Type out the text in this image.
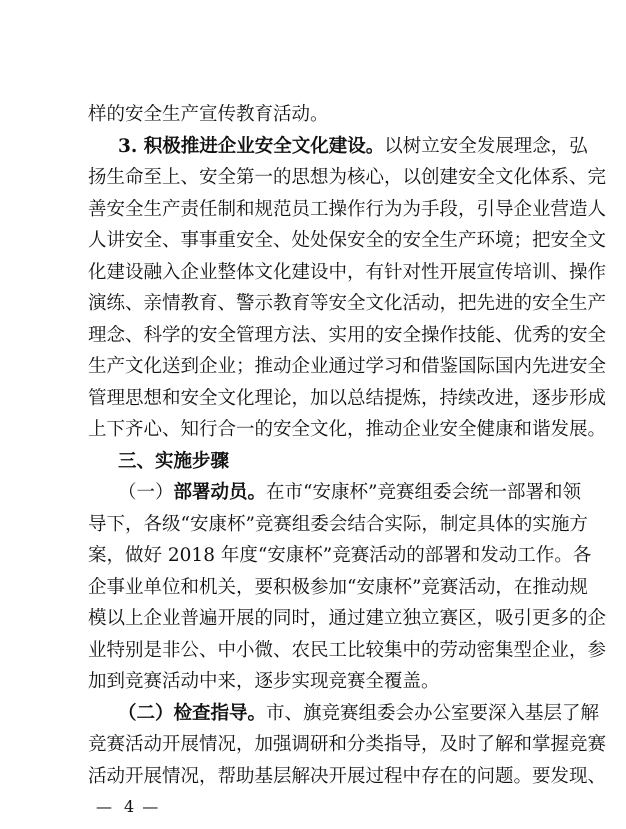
样的安全生产宣传教育活动。
3. 积极推进企业安全文化建设。以树立安全发展理念，弘
扬生命至上、安全第一的思想为核心，以创建安全文化体系、完
善安全生产责任制和规范员工操作行为为手段，引导企业营造人
人讲安全、事事重安全、处处保安全的安全生产环境；把安全文
化建设融入企业整体文化建设中，有针对性开展宣传培训、操作
演练、亲情教育、警示教育等安全文化活动，把先进的安全生产
理念、科学的安全管理方法、实用的安全操作技能、优秀的安全
生产文化送到企业；推动企业通过学习和借鉴国际国内先进安全
管理思想和安全文化理论，加以总结提炼，持续改进，逐步形成
上下齐心、知行合一的安全文化，推动企业安全健康和谐发展。
三、实施步骤
（一）部署动员。在市“安康杯”竞赛组委会统一部署和领
导下，各级“安康杯”竞赛组委会结合实际，制定具体的实施方
案，做好 2018 年度“安康杯”竞赛活动的部署和发动工作。各
企事业单位和机关，要积极参加“安康杯”竞赛活动，在推动规
模以上企业普遍开展的同时，通过建立独立赛区，吸引更多的企
业特别是非公、中小微、农民工比较集中的劳动密集型企业，参
加到竞赛活动中来，逐步实现竞赛全覆盖。
（二）检查指导。市、旗竞赛组委会办公室要深入基层了解
竞赛活动开展情况，加强调研和分类指导，及时了解和掌握竞赛
活动开展情况，帮助基层解决开展过程中存在的问题。要发现、
— 4 —
